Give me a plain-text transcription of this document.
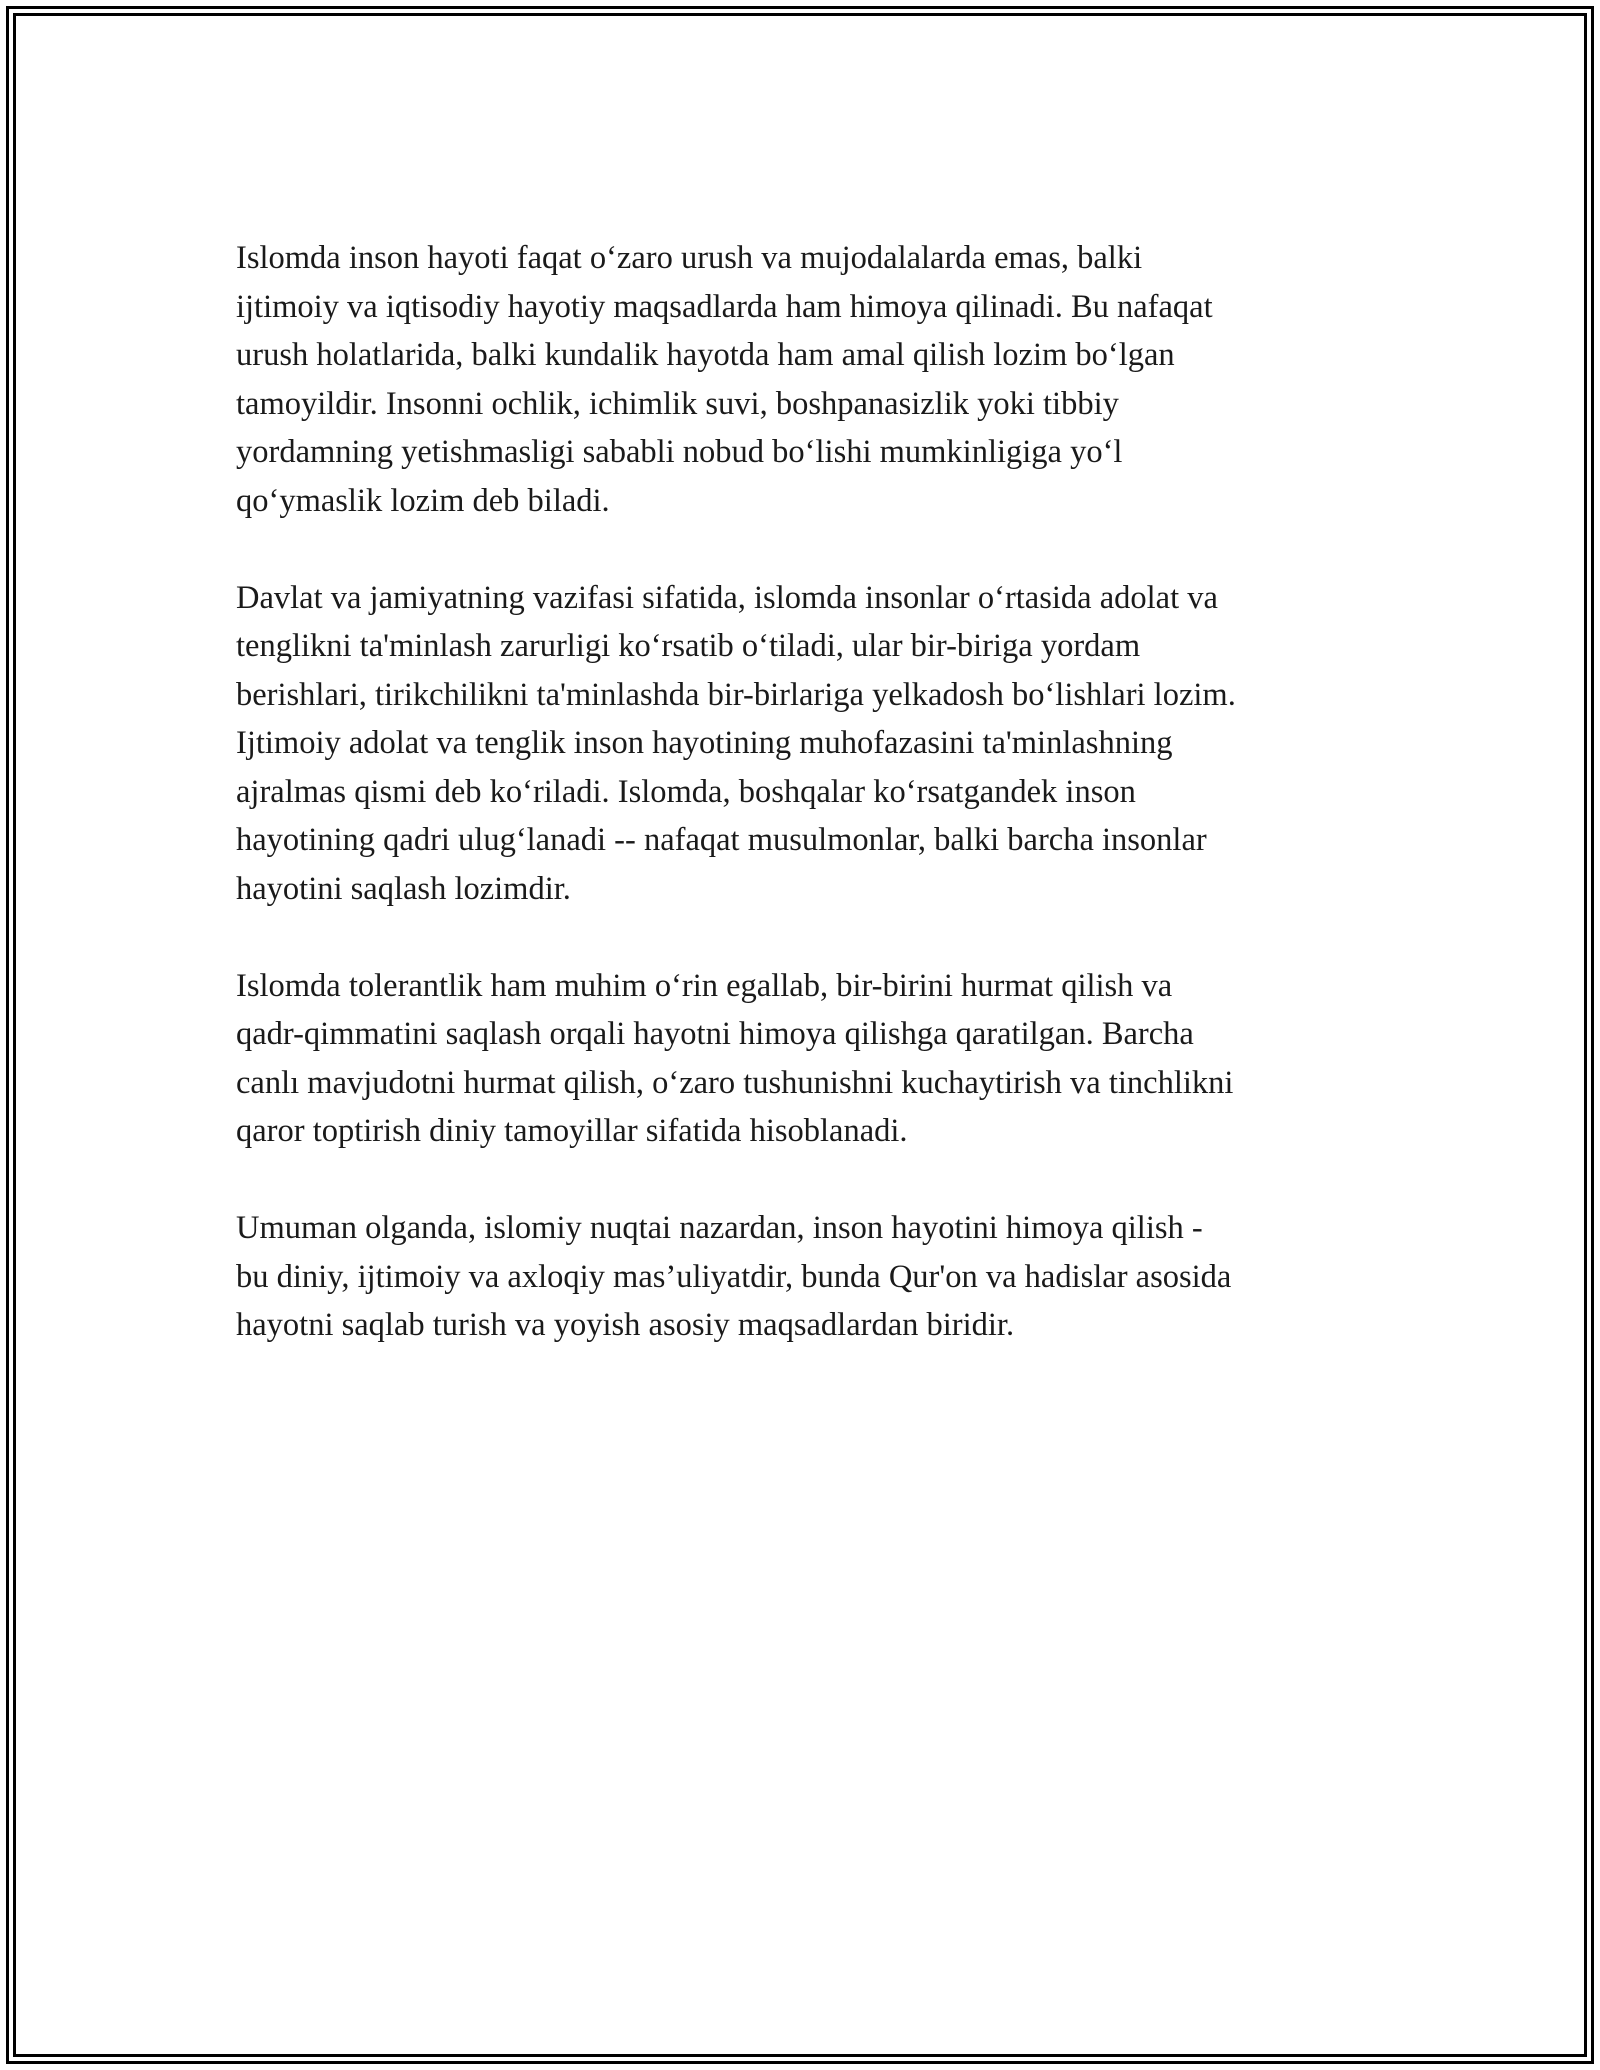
Islomda inson hayoti faqat o‘zaro urush va mujodalalarda emas, balki
ijtimoiy va iqtisodiy hayotiy maqsadlarda ham himoya qilinadi. Bu nafaqat
urush holatlarida, balki kundalik hayotda ham amal qilish lozim bo‘lgan
tamoyildir. Insonni ochlik, ichimlik suvi, boshpanasizlik yoki tibbiy
yordamning yetishmasligi sababli nobud bo‘lishi mumkinligiga yo‘l
qo‘ymaslik lozim deb biladi.

Davlat va jamiyatning vazifasi sifatida, islomda insonlar o‘rtasida adolat va
tenglikni ta'minlash zarurligi ko‘rsatib o‘tiladi, ular bir-biriga yordam
berishlari, tirikchilikni ta'minlashda bir-birlariga yelkadosh bo‘lishlari lozim.
Ijtimoiy adolat va tenglik inson hayotining muhofazasini ta'minlashning
ajralmas qismi deb ko‘riladi. Islomda, boshqalar ko‘rsatgandek inson
hayotining qadri ulug‘lanadi -- nafaqat musulmonlar, balki barcha insonlar
hayotini saqlash lozimdir.

Islomda tolerantlik ham muhim o‘rin egallab, bir-birini hurmat qilish va
qadr-qimmatini saqlash orqali hayotni himoya qilishga qaratilgan. Barcha
canlı mavjudotni hurmat qilish, o‘zaro tushunishni kuchaytirish va tinchlikni
qaror toptirish diniy tamoyillar sifatida hisoblanadi.

Umuman olganda, islomiy nuqtai nazardan, inson hayotini himoya qilish -
bu diniy, ijtimoiy va axloqiy mas’uliyatdir, bunda Qur'on va hadislar asosida
hayotni saqlab turish va yoyish asosiy maqsadlardan biridir.
